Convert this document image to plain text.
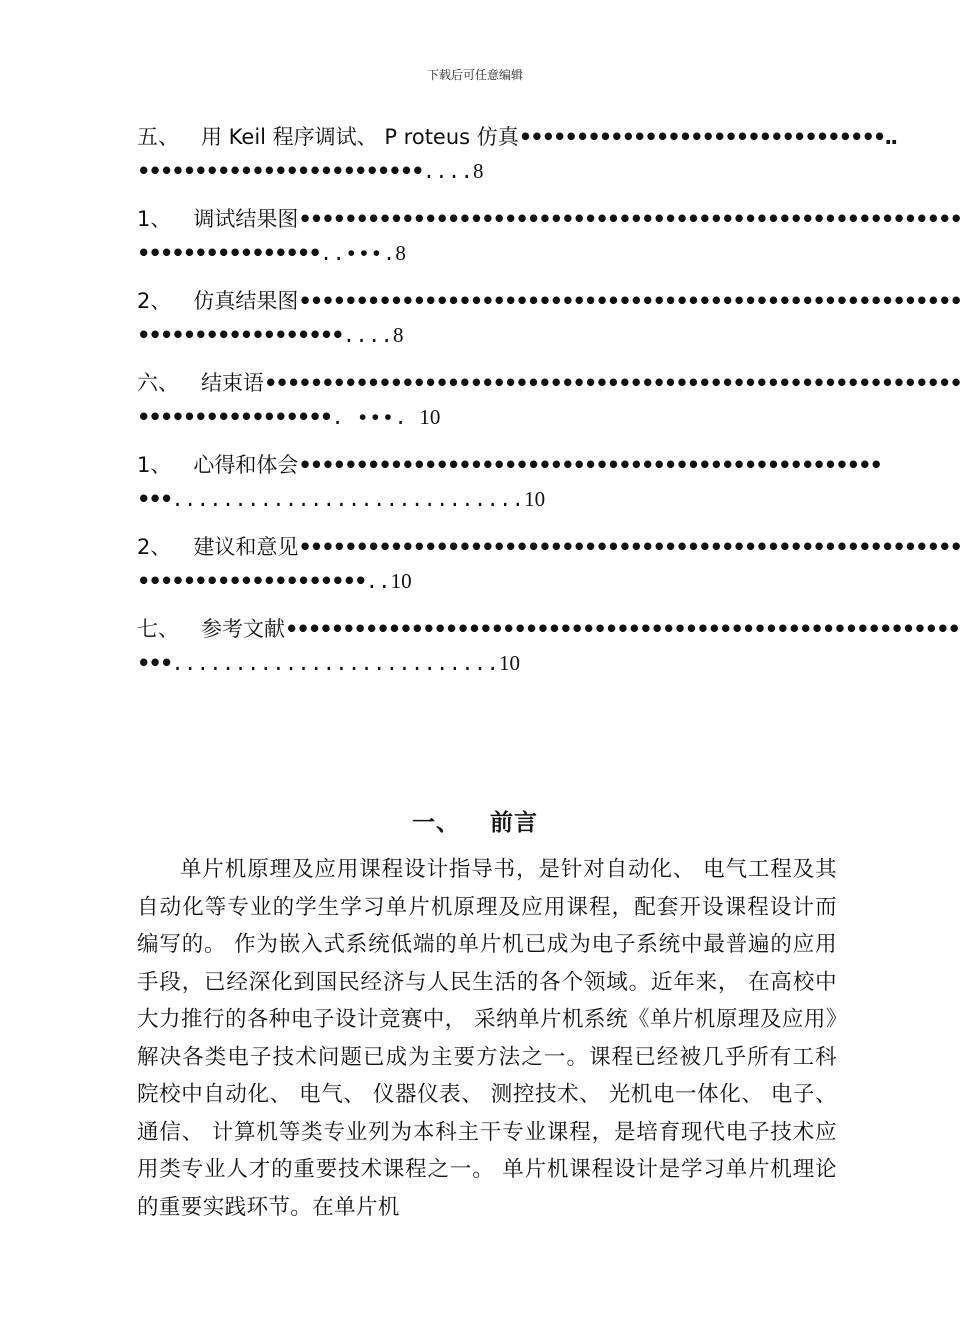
下载后可任意编辑
五、 用 Keil 程序调试、 P roteus 仿真••••••••••••••••••••••••••••••••..
•••••••••••••••••••••••••....8
1、 调试结果图••••••••••••••••••••••••••••••••••••••••••••••••••••••••••
••••••••••••••••..•••.8
2、 仿真结果图••••••••••••••••••••••••••••••••••••••••••••••••••••••••••
••••••••••••••••••....8
六、 结束语•••••••••••••••••••••••••••••••••••••••••••••••••••••••••••••
•••••••••••••••••. •••. 10
1、 心得和体会•••••••••••••••••••••••••••••••••••••••••••••••••••
•••............................10
2、 建议和意见••••••••••••••••••••••••••••••••••••••••••••••••••••••••••
••••••••••••••••••••..10
七、 参考文献•••••••••••••••••••••••••••••••••••••••••••••••••••••••••••
•••..........................10
一、 前言
单片机原理及应用课程设计指导书，是针对自动化、 电气工程及其自动化等专业的学生学习单片机原理及应用课程，配套开设课程设计而编写的。 作为嵌入式系统低端的单片机已成为电子系统中最普遍的应用手段，已经深化到国民经济与人民生活的各个领域。近年来， 在高校中大力推行的各种电子设计竞赛中， 采纳单片机系统《单片机原理及应用》解决各类电子技术问题已成为主要方法之一。课程已经被几乎所有工科院校中自动化、 电气、 仪器仪表、 测控技术、 光机电一体化、 电子、 通信、 计算机等类专业列为本科主干专业课程，是培育现代电子技术应用类专业人才的重要技术课程之一。 单片机课程设计是学习单片机理论的重要实践环节。在单片机
